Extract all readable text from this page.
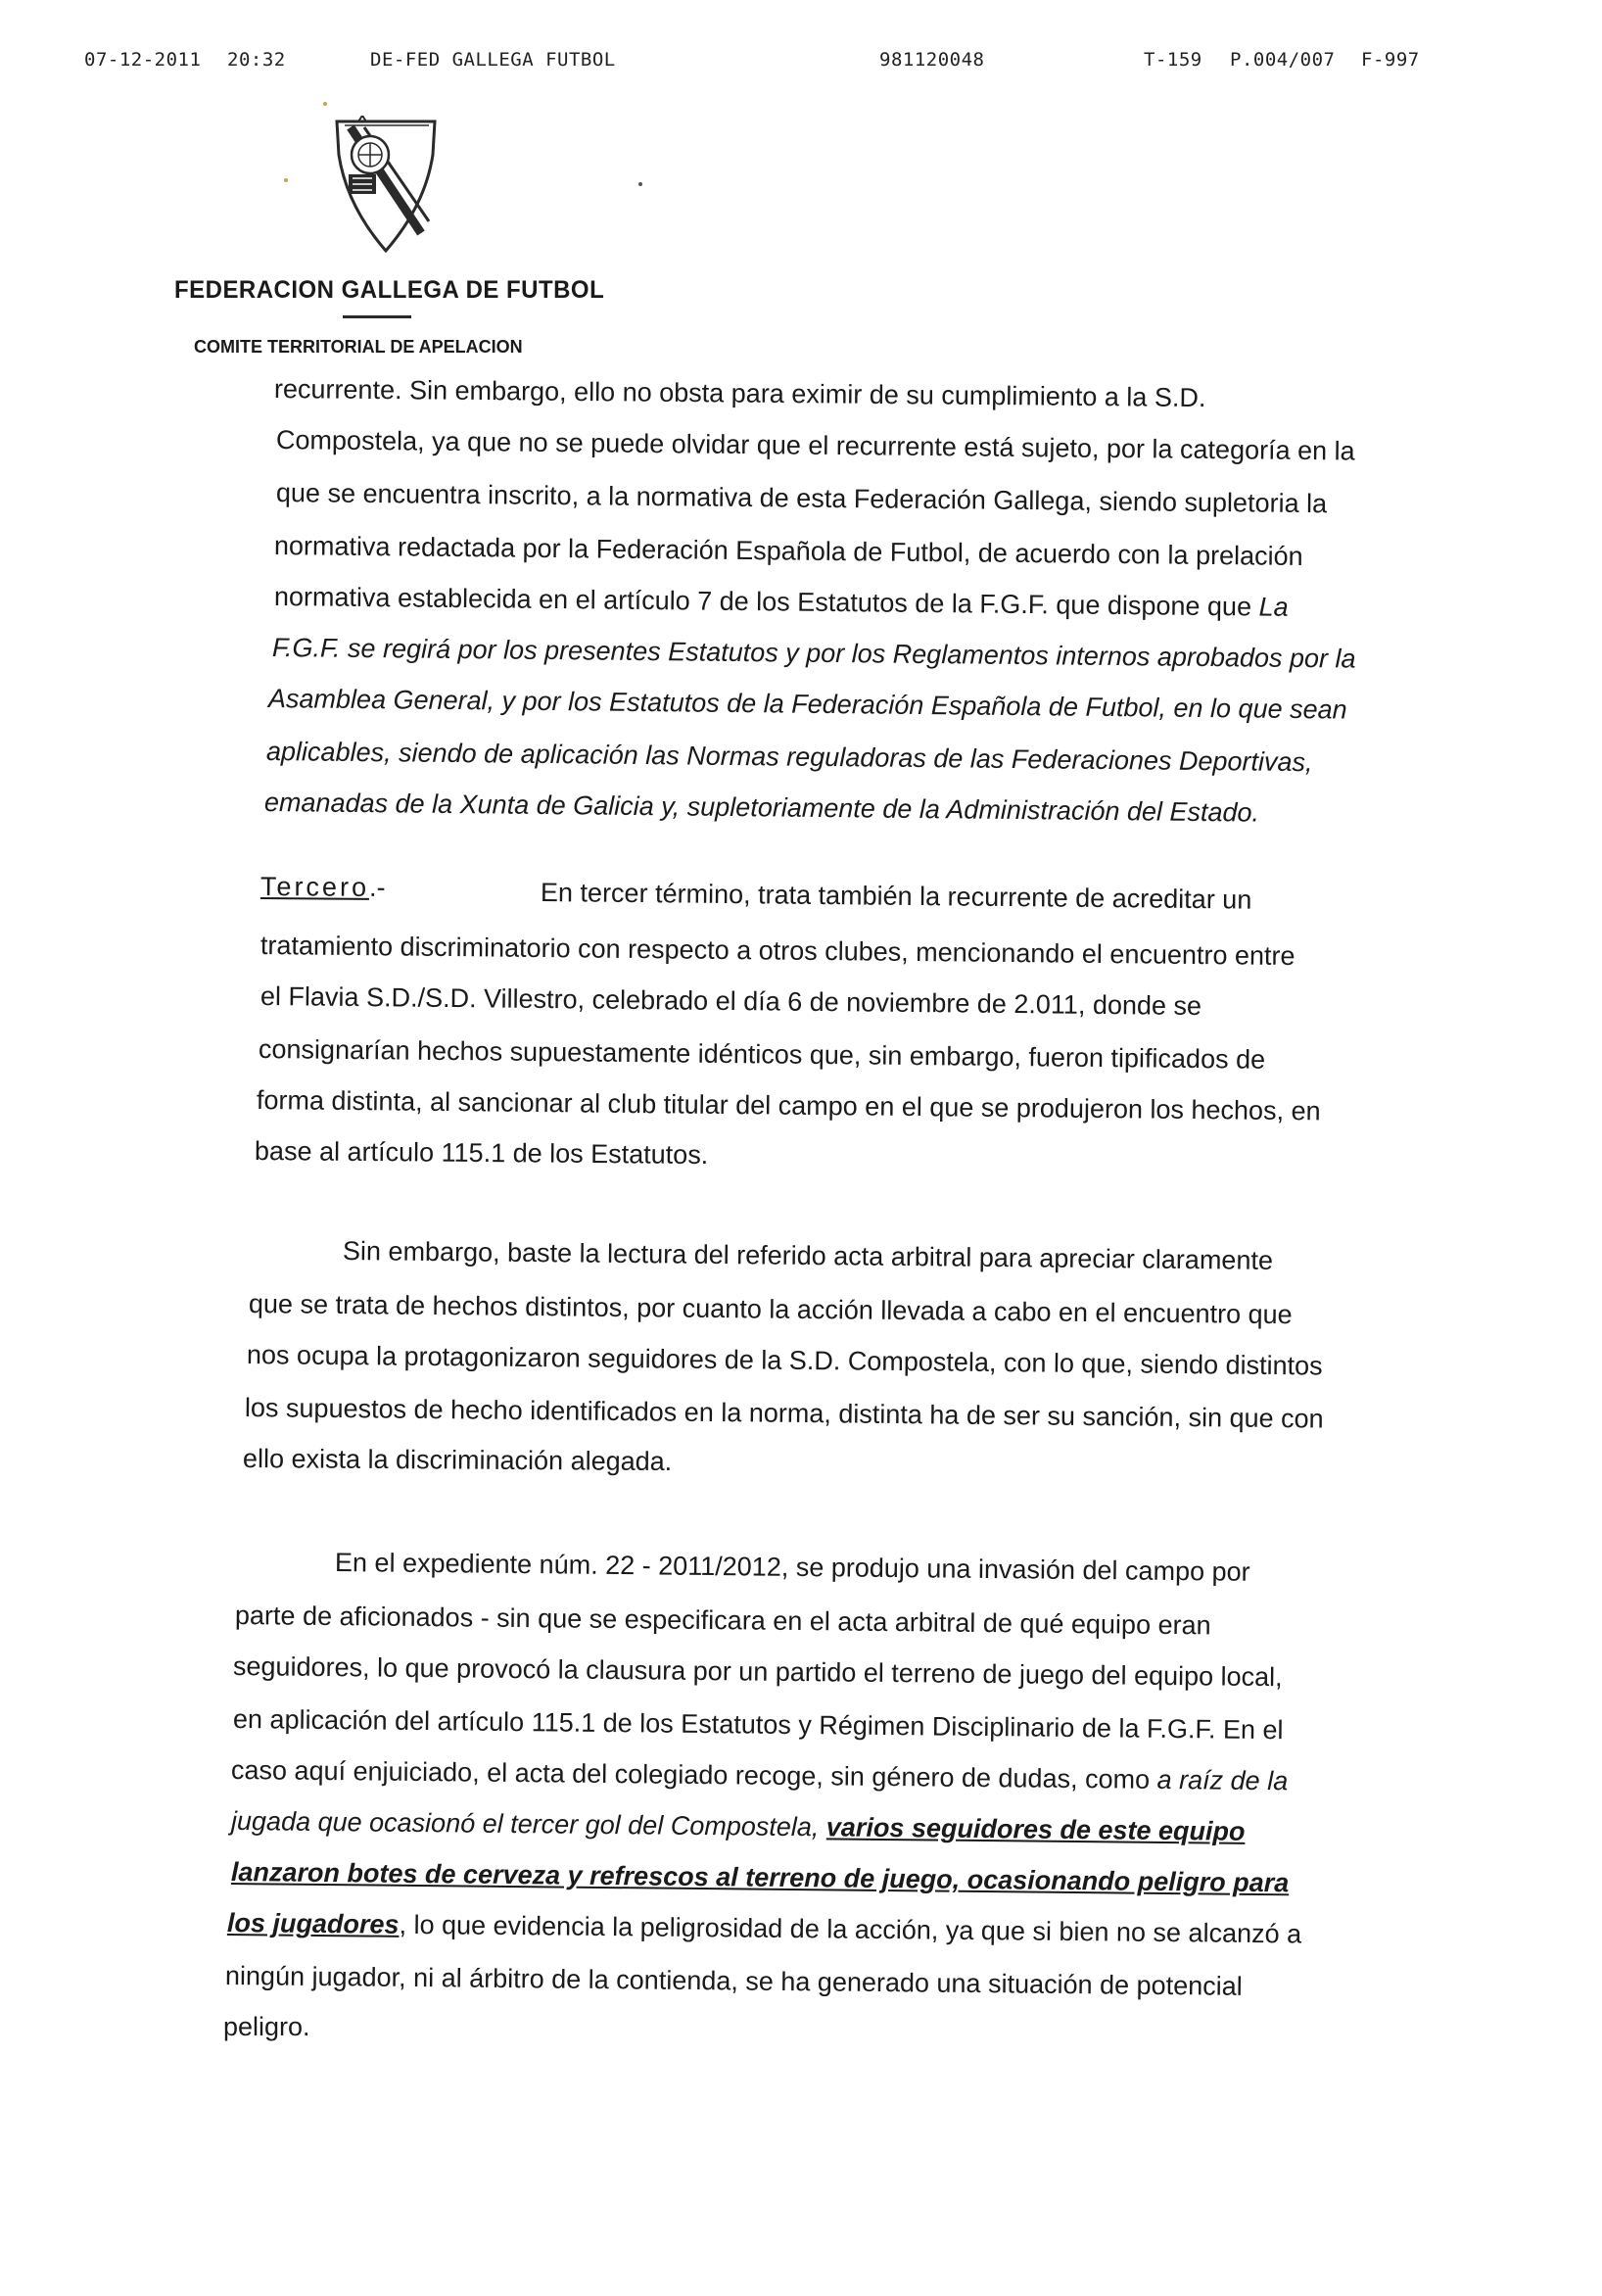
07-12-2011 20:32	DE-FED GALLEGA FUTBOL	981120048	T-159 P.004/007 F-997
FEDERACION GALLEGA DE FUTBOL
COMITE TERRITORIAL DE APELACION
recurrente. Sin embargo, ello no obsta para eximir de su cumplimiento a la S.D.
Compostela, ya que no se puede olvidar que el recurrente está sujeto, por la categoría en la
que se encuentra inscrito, a la normativa de esta Federación Gallega, siendo supletoria la
normativa redactada por la Federación Española de Futbol, de acuerdo con la prelación
normativa establecida en el artículo 7 de los Estatutos de la F.G.F. que dispone que La
F.G.F. se regirá por los presentes Estatutos y por los Reglamentos internos aprobados por la
Asamblea General, y por los Estatutos de la Federación Española de Futbol, en lo que sean
aplicables, siendo de aplicación las Normas reguladoras de las Federaciones Deportivas,
emanadas de la Xunta de Galicia y, supletoriamente de la Administración del Estado.
Tercero.-	En tercer término, trata también la recurrente de acreditar un
tratamiento discriminatorio con respecto a otros clubes, mencionando el encuentro entre
el Flavia S.D./S.D. Villestro, celebrado el día 6 de noviembre de 2.011, donde se
consignarían hechos supuestamente idénticos que, sin embargo, fueron tipificados de
forma distinta, al sancionar al club titular del campo en el que se produjeron los hechos, en
base al artículo 115.1 de los Estatutos.
Sin embargo, baste la lectura del referido acta arbitral para apreciar claramente
que se trata de hechos distintos, por cuanto la acción llevada a cabo en el encuentro que
nos ocupa la protagonizaron seguidores de la S.D. Compostela, con lo que, siendo distintos
los supuestos de hecho identificados en la norma, distinta ha de ser su sanción, sin que con
ello exista la discriminación alegada.
En el expediente núm. 22 - 2011/2012, se produjo una invasión del campo por
parte de aficionados - sin que se especificara en el acta arbitral de qué equipo eran
seguidores, lo que provocó la clausura por un partido el terreno de juego del equipo local,
en aplicación del artículo 115.1 de los Estatutos y Régimen Disciplinario de la F.G.F. En el
caso aquí enjuiciado, el acta del colegiado recoge, sin género de dudas, como a raíz de la
jugada que ocasionó el tercer gol del Compostela, varios seguidores de este equipo
lanzaron botes de cerveza y refrescos al terreno de juego, ocasionando peligro para
los jugadores, lo que evidencia la peligrosidad de la acción, ya que si bien no se alcanzó a
ningún jugador, ni al árbitro de la contienda, se ha generado una situación de potencial
peligro.
